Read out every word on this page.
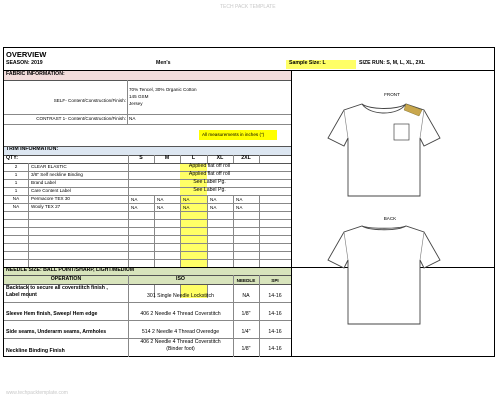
TECH PACK TEMPLATE
www.techpacktemplate.com
OVERVIEW
SEASON: 2019	Men's	Sample Size: L	SIZE RUN: S, M, L, XL, 2XL
FABRIC INFORMATION:
SELF- Content/Construction/Finish:
70% Tencel, 30% Organic Cotton
145 GSM
Jersey
CONTRAST 1- Content/Construction/Finish: NA
All measurements in inches (")
TRIM INFORMATION:
QTY:	S	M	L	XL	2XL
2	CLEAR ELASTIC	Applied flat off roll
1	3/8" Self neckline Binding	Applied flat off roll
1	Brand Label	See Label Pg.
1	Care Content Label	See Label Pg.
NA	Permacore TEX 30	NA	NA	NA	NA	NA
NA	Wooly TEX 27	NA	NA	NA	NA	NA
NEEDLE SIZE: BALL POINT/SHARP, LIGHT/MEDIUM
OPERATION	ISO	NEEDLE	SPI
Backtack to secure all coverstitch finish ,
Label mount	301 Single Needle Lockstitch	NA	14-16
Sleeve Hem finish, Sweep/ Hem edge	406 2 Needle 4 Thread Coverstitch	1/8"	14-16
Side seams, Underarm seams, Armholes	514 2 Needle 4 Thread Overedge	1/4"	14-16
Neckline Binding Finish
406 2 Needle 4 Thread Coverstitch
(Binder foot)	1/8"	14-16
FRONT
BACK
